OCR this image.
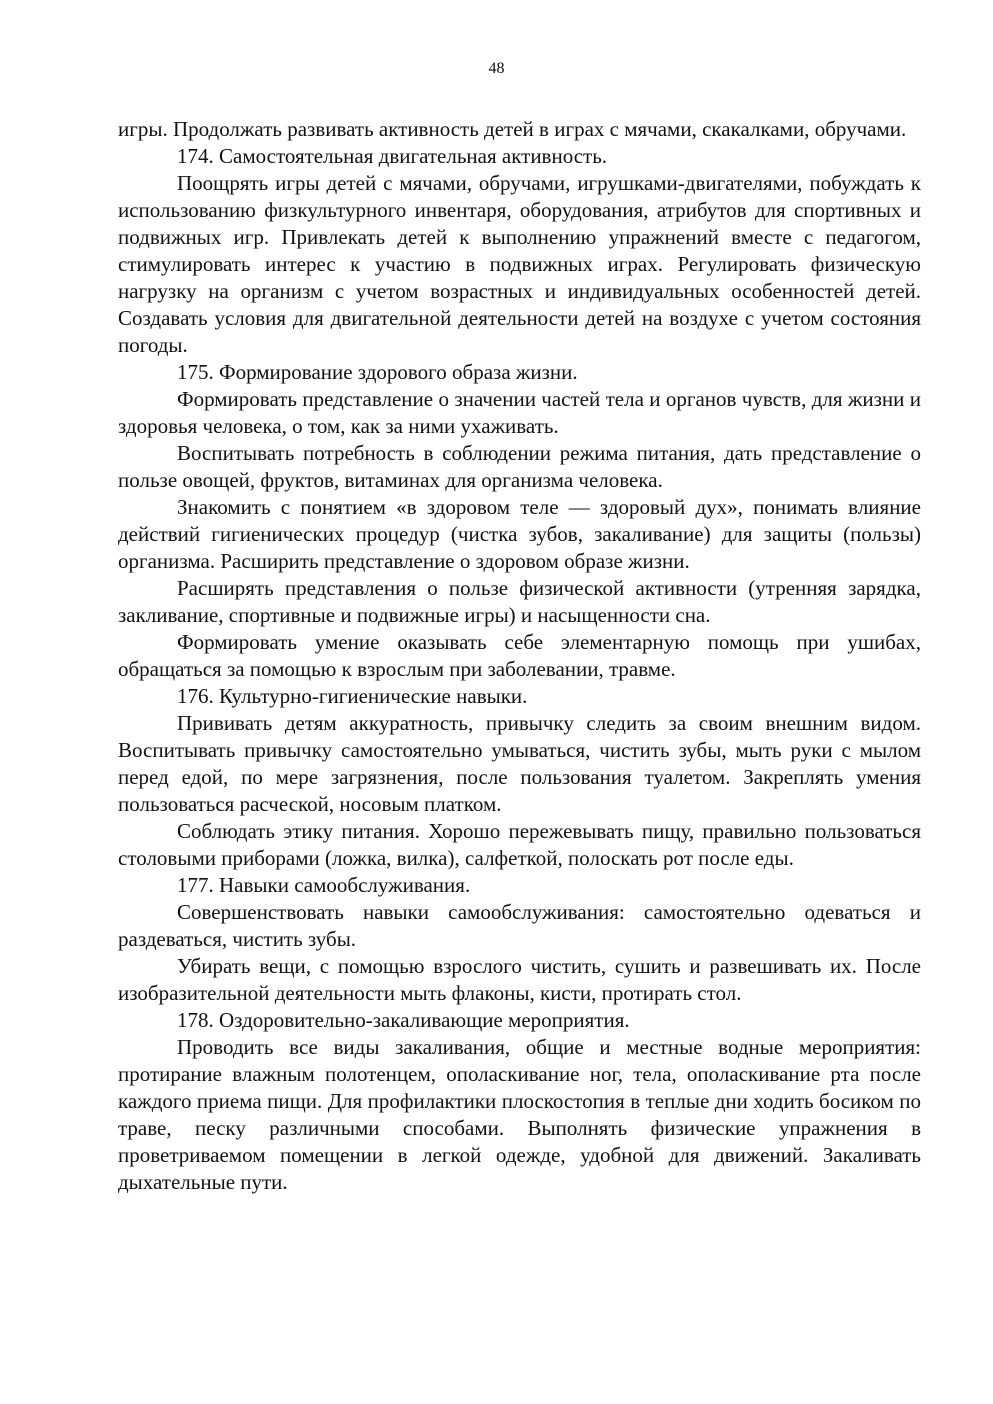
48

игры. Продолжать развивать активность детей в играх с мячами, скакалками, обручами.

174. Самостоятельная двигательная активность.

Поощрять игры детей с мячами, обручами, игрушками-двигателями, побуждать к использованию физкультурного инвентаря, оборудования, атрибутов для спортивных и подвижных игр. Привлекать детей к выполнению упражнений вместе с педагогом, стимулировать интерес к участию в подвижных играх. Регулировать физическую нагрузку на организм с учетом возрастных и индивидуальных особенностей детей. Создавать условия для двигательной деятельности детей на воздухе с учетом состояния погоды.

175. Формирование здорового образа жизни.

Формировать представление о значении частей тела и органов чувств, для жизни и здоровья человека, о том, как за ними ухаживать.

Воспитывать потребность в соблюдении режима питания, дать представление о пользе овощей, фруктов, витаминах для организма человека.

Знакомить с понятием «в здоровом теле — здоровый дух», понимать влияние действий гигиенических процедур (чистка зубов, закаливание) для защиты (пользы) организма. Расширить представление о здоровом образе жизни.

Расширять представления о пользе физической активности (утренняя зарядка, закливание, спортивные и подвижные игры) и насыщенности сна.

Формировать умение оказывать себе элементарную помощь при ушибах, обращаться за помощью к взрослым при заболевании, травме.

176. Культурно-гигиенические навыки.

Прививать детям аккуратность, привычку следить за своим внешним видом. Воспитывать привычку самостоятельно умываться, чистить зубы, мыть руки с мылом перед едой, по мере загрязнения, после пользования туалетом. Закреплять умения пользоваться расческой, носовым платком.

Соблюдать этику питания. Хорошо пережевывать пищу, правильно пользоваться столовыми приборами (ложка, вилка), салфеткой, полоскать рот после еды.

177. Навыки самообслуживания.

Совершенствовать навыки самообслуживания: самостоятельно одеваться и раздеваться, чистить зубы.

Убирать вещи, с помощью взрослого чистить, сушить и развешивать их. После изобразительной деятельности мыть флаконы, кисти, протирать стол.

178. Оздоровительно-закаливающие мероприятия.

Проводить все виды закаливания, общие и местные водные мероприятия: протирание влажным полотенцем, ополаскивание ног, тела, ополаскивание рта после каждого приема пищи. Для профилактики плоскостопия в теплые дни ходить босиком по траве, песку различными способами. Выполнять физические упражнения в проветриваемом помещении в легкой одежде, удобной для движений. Закаливать дыхательные пути.
